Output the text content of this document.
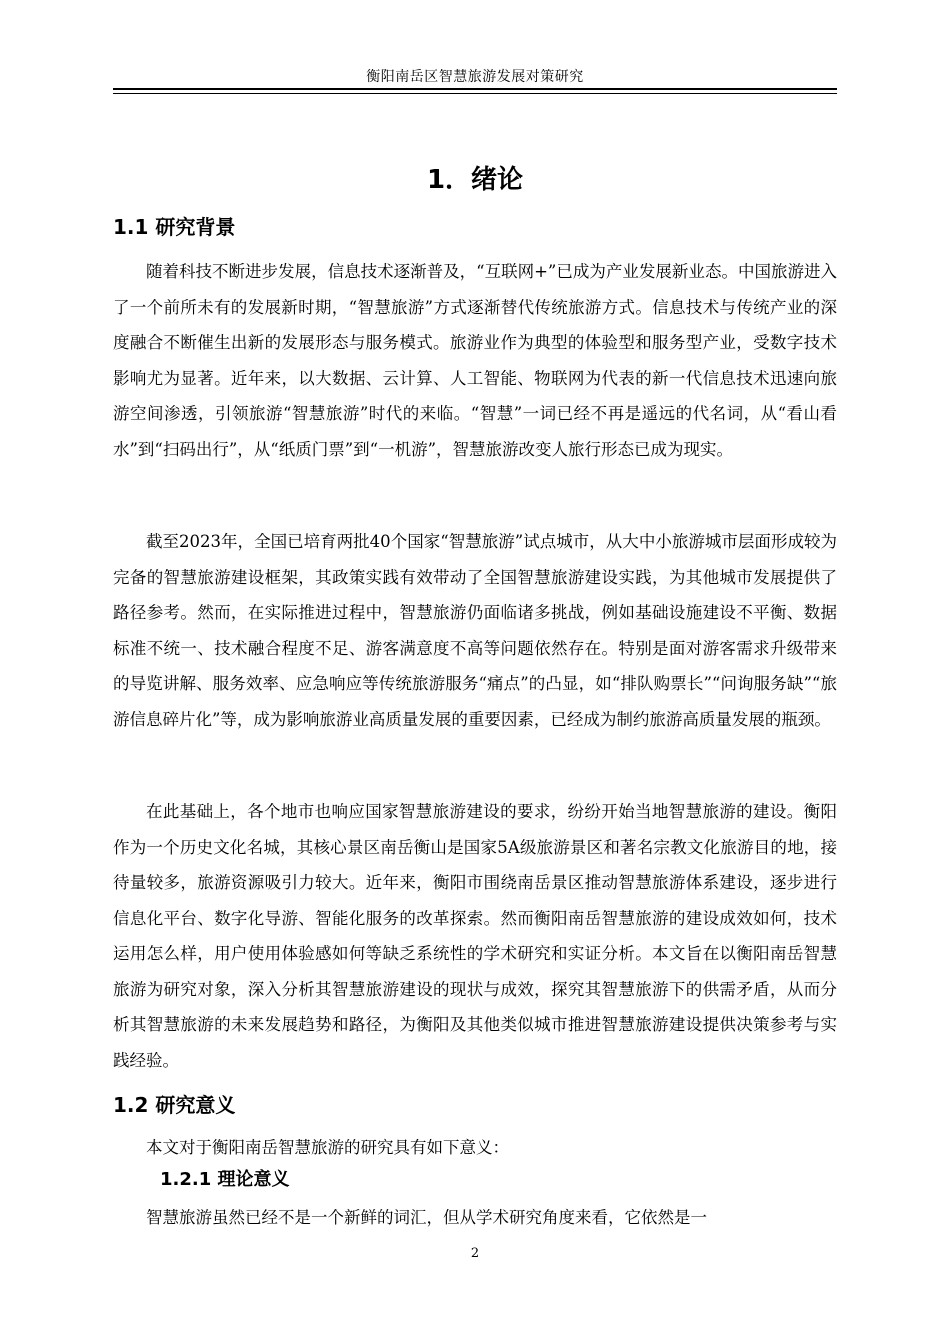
衡阳南岳区智慧旅游发展对策研究
1．绪论
1.1 研究背景

随着科技不断进步发展，信息技术逐渐普及，“互联网+”已成为产业发展新业态。中国旅游进入了一个前所未有的发展新时期，“智慧旅游”方式逐渐替代传统旅游方式。信息技术与传统产业的深度融合不断催生出新的发展形态与服务模式。旅游业作为典型的体验型和服务型产业，受数字技术影响尤为显著。近年来，以大数据、云计算、人工智能、物联网为代表的新一代信息技术迅速向旅游空间渗透，引领旅游“智慧旅游”时代的来临。“智慧”一词已经不再是遥远的代名词，从“看山看水”到“扫码出行”，从“纸质门票”到“一机游”，智慧旅游改变人旅行形态已成为现实。

截至2023年，全国已培育两批40个国家“智慧旅游”试点城市，从大中小旅游城市层面形成较为完备的智慧旅游建设框架，其政策实践有效带动了全国智慧旅游建设实践，为其他城市发展提供了路径参考。然而，在实际推进过程中，智慧旅游仍面临诸多挑战，例如基础设施建设不平衡、数据标准不统一、技术融合程度不足、游客满意度不高等问题依然存在。特别是面对游客需求升级带来的导览讲解、服务效率、应急响应等传统旅游服务“痛点”的凸显，如“排队购票长”“问询服务缺”“旅游信息碎片化”等，成为影响旅游业高质量发展的重要因素，已经成为制约旅游高质量发展的瓶颈。

在此基础上，各个地市也响应国家智慧旅游建设的要求，纷纷开始当地智慧旅游的建设。衡阳作为一个历史文化名城，其核心景区南岳衡山是国家5A级旅游景区和著名宗教文化旅游目的地，接待量较多，旅游资源吸引力较大。近年来，衡阳市围绕南岳景区推动智慧旅游体系建设，逐步进行信息化平台、数字化导游、智能化服务的改革探索。然而衡阳南岳智慧旅游的建设成效如何，技术运用怎么样，用户使用体验感如何等缺乏系统性的学术研究和实证分析。本文旨在以衡阳南岳智慧旅游为研究对象，深入分析其智慧旅游建设的现状与成效，探究其智慧旅游下的供需矛盾，从而分析其智慧旅游的未来发展趋势和路径，为衡阳及其他类似城市推进智慧旅游建设提供决策参考与实践经验。

1.2 研究意义

本文对于衡阳南岳智慧旅游的研究具有如下意义：

1.2.1 理论意义

智慧旅游虽然已经不是一个新鲜的词汇，但从学术研究角度来看，它依然是一

2
